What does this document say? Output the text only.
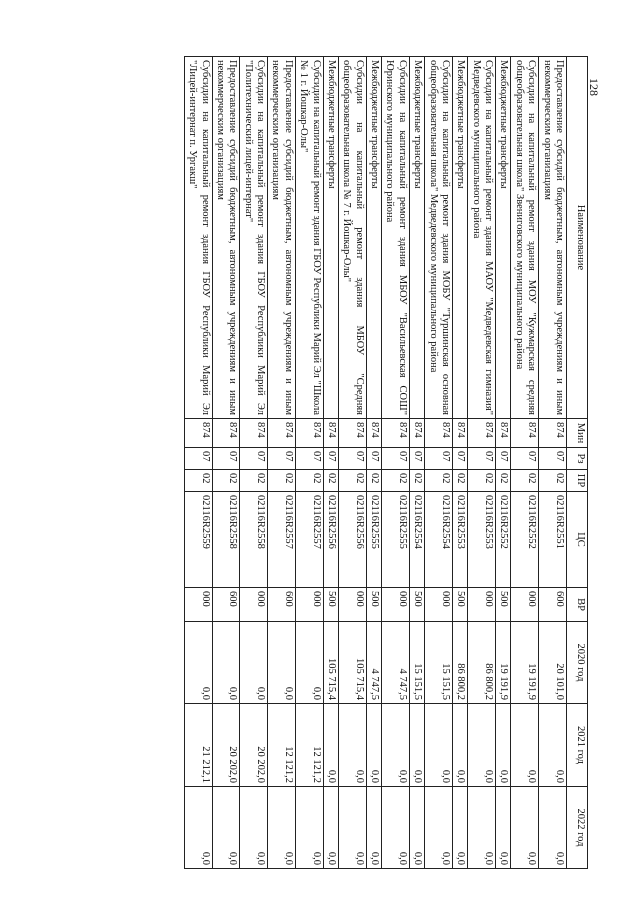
128
Наименование	Мин	Рз	ПР	ЦС	ВР	2020 год	2021 год	2022 год
Предоставление субсидий бюджетным, автономным учреждениям и иным некоммерческим организациям	874	07	02	02116R2551	600	20 101,0	0,0	0,0

Субсидии на капитальный ремонт здания МОУ "Кужмарская средняя общеобразовательная школа" Звениговского муниципального района	874	07	02	02116R2552	000	19 191,9	0,0	0,0

Межбюджетные трансферты	874	07	02	02116R2552	500	19 191,9	0,0	0,0

Субсидии на капитальный ремонт здания МАОУ "Медведевская гимназия" Медведевского муниципального района	874	07	02	02116R2553	000	86 800,2	0,0	0,0

Межбюджетные трансферты	874	07	02	02116R2553	500	86 800,2	0,0	0,0

Субсидии на капитальный ремонт здания МОБУ "Туршинская основная общеобразовательная школа" Медведевского муниципального района	874	07	02	02116R2554	000	15 151,5	0,0	0,0

Межбюджетные трансферты	874	07	02	02116R2554	500	15 151,5	0,0	0,0

Субсидии на капитальный ремонт здания МБОУ "Васильевская СОШ" Юринского муниципального района	874	07	02	02116R2555	000	4 747,5	0,0	0,0

Межбюджетные трансферты	874	07	02	02116R2555	500	4 747,5	0,0	0,0

Субсидии на капитальный ремонт здания МБОУ "Средняя общеобразовательная школа № 7 г. Йошкар-Олы"	874	07	02	02116R2556	000	105 715,4	0,0	0,0

Межбюджетные трансферты	874	07	02	02116R2556	500	105 715,4	0,0	0,0

Субсидии на капитальный ремонт здания ГБОУ Республики Марий Эл "Школа № 1 г. Йошкар-Олы"	874	07	02	02116R2557	000	0,0	12 121,2	0,0

Предоставление субсидий бюджетным, автономным учреждениям и иным некоммерческим организациям	874	07	02	02116R2557	600	0,0	12 121,2	0,0

Субсидии на капитальный ремонт здания ГБОУ Республики Марий Эл "Политехнический лицей-интернат"	874	07	02	02116R2558	000	0,0	20 202,0	0,0

Предоставление субсидий бюджетным, автономным учреждениям и иным некоммерческим организациям	874	07	02	02116R2558	600	0,0	20 202,0	0,0

Субсидии на капитальный ремонт здания ГБОУ Республики Марий Эл "Лицей-интернат п. Ургакш"	874	07	02	02116R2559	000	0,0	21 212,1	0,0
